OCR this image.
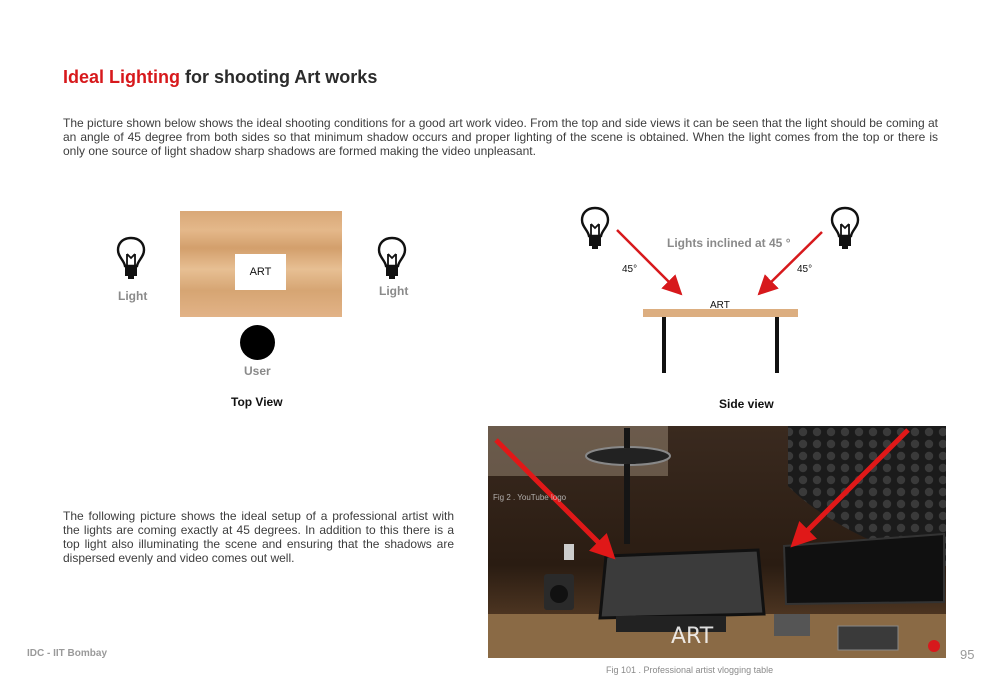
Ideal Lighting for shooting Art works
The picture shown below shows the ideal shooting conditions for a good art work video. From the top and side views it can be seen that the light should be coming at an angle of 45 degree from both sides so that minimum shadow occurs and proper lighting of the scene is obtained. When the light comes from the top or there is only one source of light shadow sharp shadows are formed making the video unpleasant.
Light
ART
Light
User
Top View
Lights inclined at 45 °
45°	45°
ART
Side view
The following picture shows the ideal setup of a professional artist with the lights are coming exactly at 45 degrees. In addition to this there is a top light also illuminating the scene and ensuring that the shadows are dispersed evenly and video comes out well.
Fig 2 . YouTube logo
ART
Fig 101 . Professional artist vlogging table
IDC - IIT Bombay	95
